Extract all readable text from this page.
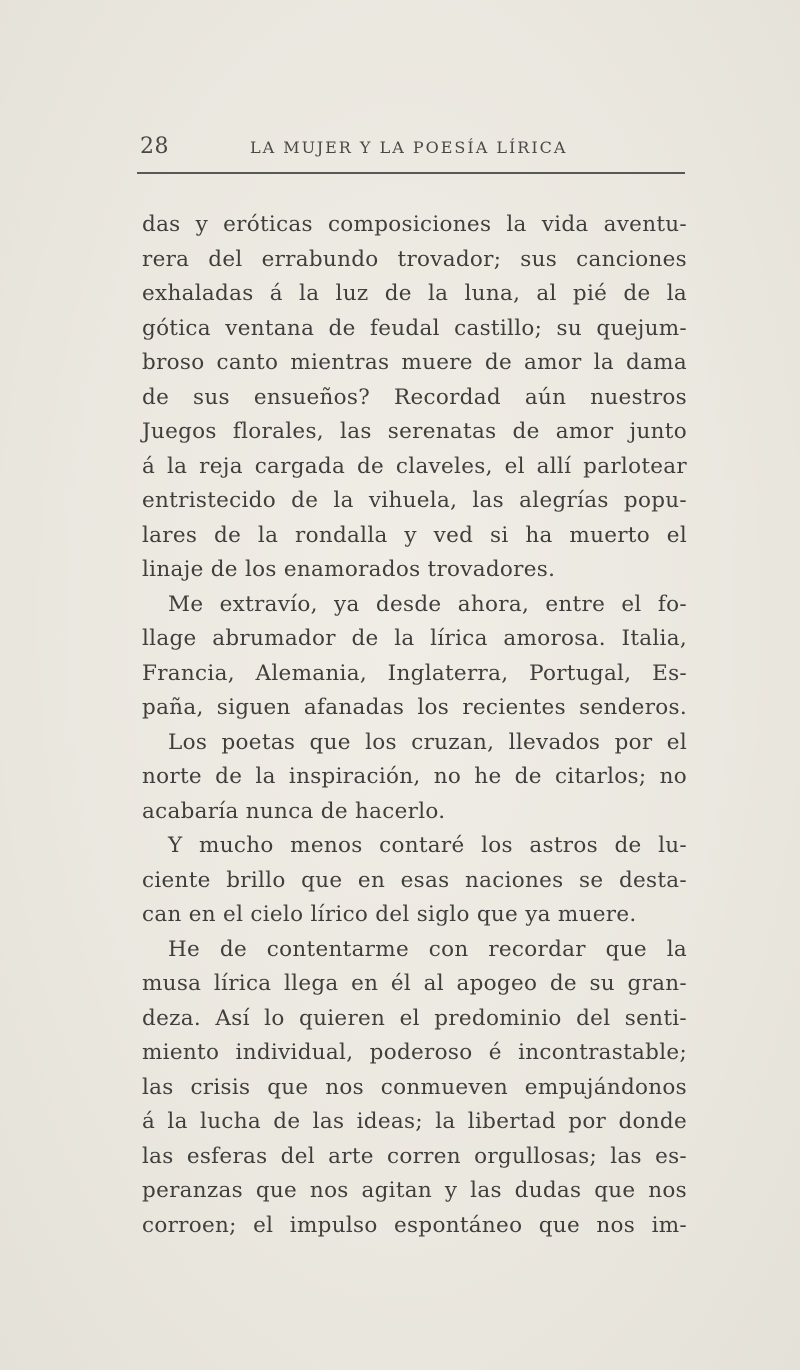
28	LA MUJER Y LA POESÍA LÍRICA
das y eróticas composiciones la vida aventu-
rera del errabundo trovador; sus canciones
exhaladas á la luz de la luna, al pié de la
gótica ventana de feudal castillo; su quejum-
broso canto mientras muere de amor la dama
de sus ensueños? Recordad aún nuestros
Juegos florales, las serenatas de amor junto
á la reja cargada de claveles, el allí parlotear
entristecido de la vihuela, las alegrías popu-
lares de la rondalla y ved si ha muerto el
linaje de los enamorados trovadores.
Me extravío, ya desde ahora, entre el fo-
llage abrumador de la lírica amorosa. Italia,
Francia, Alemania, Inglaterra, Portugal, Es-
paña, siguen afanadas los recientes senderos.
Los poetas que los cruzan, llevados por el
norte de la inspiración, no he de citarlos; no
acabaría nunca de hacerlo.
Y mucho menos contaré los astros de lu-
ciente brillo que en esas naciones se desta-
can en el cielo lírico del siglo que ya muere.
He de contentarme con recordar que la
musa lírica llega en él al apogeo de su gran-
deza. Así lo quieren el predominio del senti-
miento individual, poderoso é incontrastable;
las crisis que nos conmueven empujándonos
á la lucha de las ideas; la libertad por donde
las esferas del arte corren orgullosas; las es-
peranzas que nos agitan y las dudas que nos
corroen; el impulso espontáneo que nos im-
